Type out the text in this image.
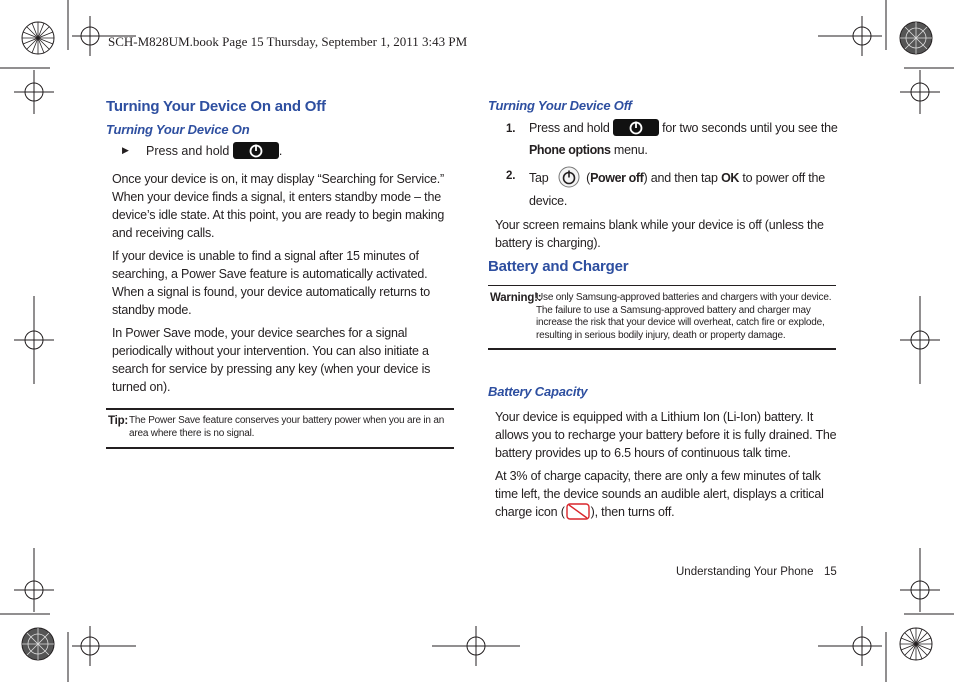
SCH-M828UM.book Page 15 Thursday, September 1, 2011 3:43 PM
Turning Your Device On and Off
Turning Your Device On
▶ Press and hold	.

Once your device is on, it may display “Searching for Service.” When your device finds a signal, it enters standby mode – the device’s idle state. At this point, you are ready to begin making and receiving calls.

If your device is unable to find a signal after 15 minutes of searching, a Power Save feature is automatically activated. When a signal is found, your device automatically returns to standby mode.

In Power Save mode, your device searches for a signal periodically without your intervention. You can also initiate a search for service by pressing any key (when your device is turned on).

Tip: The Power Save feature conserves your battery power when you are in an area where there is no signal.
Turning Your Device Off
1. Press and hold	for two seconds until you see the
Phone options menu.
2. Tap	(Power off) and then tap OK to power off the
device.

Your screen remains blank while your device is off (unless the battery is charging).

Battery and Charger
Warning!:
Use only Samsung-approved batteries and chargers with your device. The failure to use a Samsung-approved battery and charger may increase the risk that your device will overheat, catch fire or explode, resulting in serious bodily injury, death or property damage.
Battery Capacity

Your device is equipped with a Lithium Ion (Li-Ion) battery. It allows you to recharge your battery before it is fully drained. The battery provides up to 6.5 hours of continuous talk time.

At 3% of charge capacity, there are only a few minutes of talk time left, the device sounds an audible alert, displays a critical charge icon ( ), then turns off.

Understanding Your Phone 15
